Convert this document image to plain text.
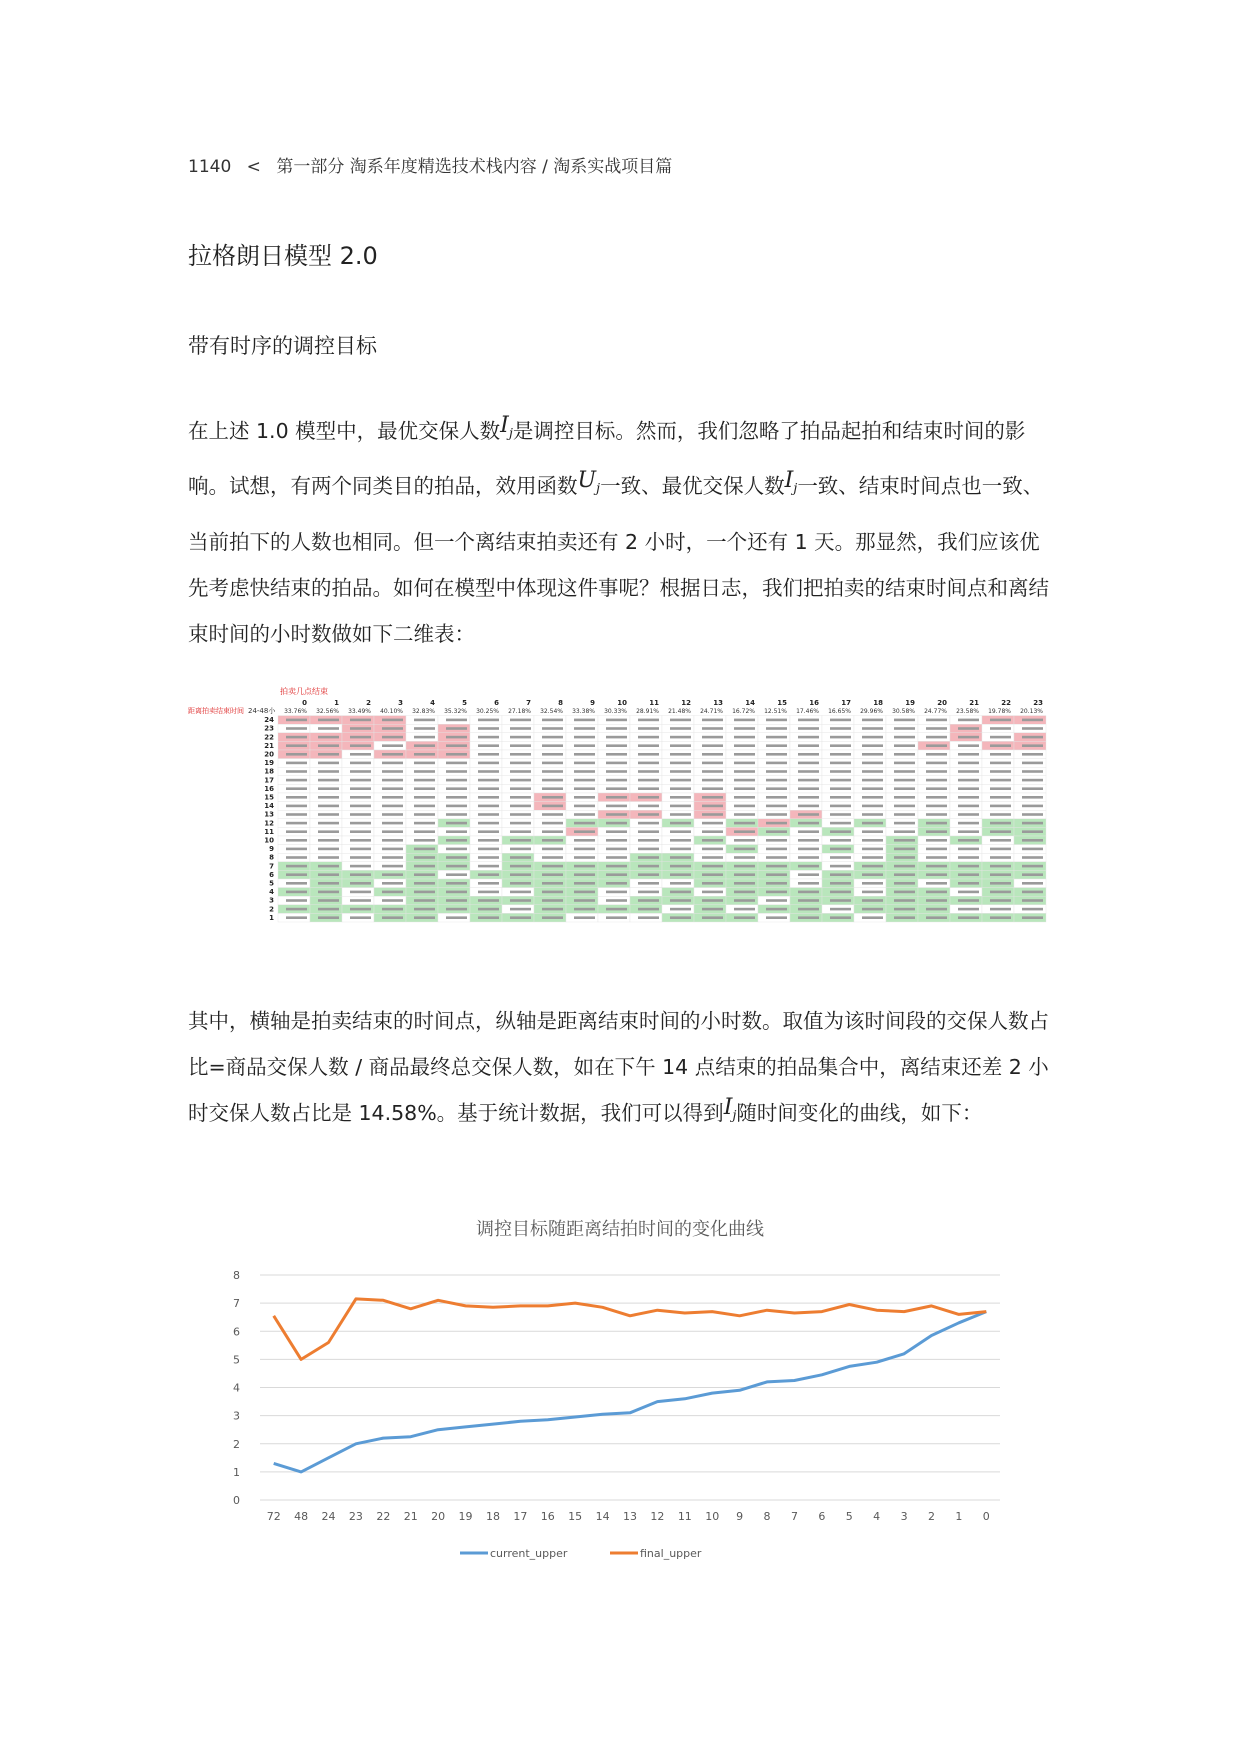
1140 < 第一部分 淘系年度精选技术栈内容 / 淘系实战项目篇
拉格朗日模型 2.0
带有时序的调控目标

在上述 1.0 模型中，最优交保人数$I_j$是调控目标。然而，我们忽略了拍品起拍和结束时间的影响。试想，有两个同类目的拍品，效用函数$U_j$一致、最优交保人数$I_j$一致、结束时间点也一致、当前拍下的人数也相同。但一个离结束拍卖还有 2 小时，一个还有 1 天。那显然，我们应该优先考虑快结束的拍品。如何在模型中体现这件事呢？根据日志，我们把拍卖的结束时间点和离结束时间的小时数做如下二维表：

拍卖几点结束
距离拍卖结束时间 24-48小
0	1	2	3	4	5	6	7	8	9	10	11	12	13	14	15	16	17	18	19	20	21	22	23
33.76% 32.56% 33.49% 40.10% 32.83% 35.32% 30.25% 27.18% 32.54% 33.38% 30.33% 28.91% 21.48% 24.71% 16.72% 12.51% 17.46% 16.65% 29.96% 30.58% 24.77% 23.58% 19.78% 20.13%
24
23
22
21
20
19
18
17
16
15
14
13
12
11
10
9
8
7
6
5
4
3
2
1

其中，横轴是拍卖结束的时间点，纵轴是距离结束时间的小时数。取值为该时间段的交保人数占比=商品交保人数 / 商品最终总交保人数，如在下午 14 点结束的拍品集合中，离结束还差 2 小时交保人数占比是 14.58%。基于统计数据，我们可以得到$I_j$随时间变化的曲线，如下：

调控目标随距离结拍时间的变化曲线
0
1
2
3
4
5
6
7
8
72 48 24 23 22 21 20 19 18 17 16 15 14 13 12 11 10 9 8 7 6 5 4 3 2 1 0
current_upper	final_upper
